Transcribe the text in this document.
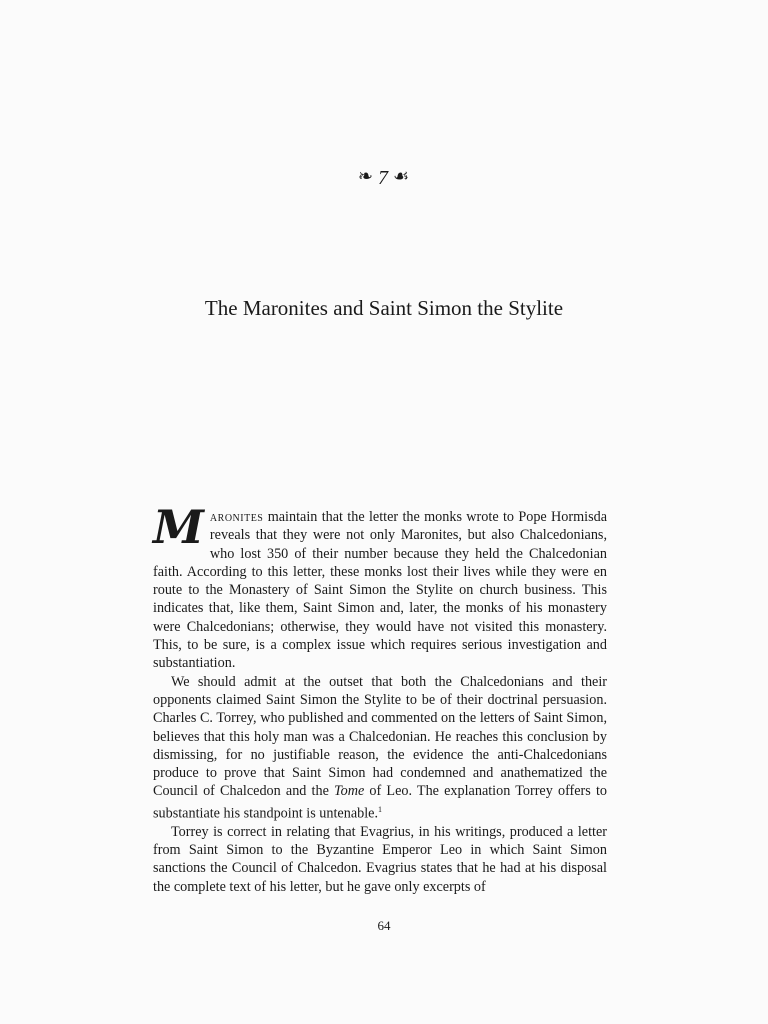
❧ 7 ☙
The Maronites and Saint Simon the Stylite

Maronites maintain that the letter the monks wrote to Pope Hormisda reveals that they were not only Maronites, but also Chalcedonians, who lost 350 of their number because they held the Chalcedonian faith. According to this letter, these monks lost their lives while they were en route to the Monastery of Saint Simon the Stylite on church business. This indicates that, like them, Saint Simon and, later, the monks of his monastery were Chalcedonians; otherwise, they would have not visited this monastery. This, to be sure, is a complex issue which requires serious investigation and substantiation.

We should admit at the outset that both the Chalcedonians and their opponents claimed Saint Simon the Stylite to be of their doctrinal persuasion. Charles C. Torrey, who published and commented on the letters of Saint Simon, believes that this holy man was a Chalcedonian. He reaches this conclusion by dismissing, for no justifiable reason, the evidence the anti-Chalcedonians produce to prove that Saint Simon had condemned and anathematized the Council of Chalcedon and the Tome of Leo. The explanation Torrey offers to substantiate his standpoint is untenable.$^1$

Torrey is correct in relating that Evagrius, in his writings, produced a letter from Saint Simon to the Byzantine Emperor Leo in which Saint Simon sanctions the Council of Chalcedon. Evagrius states that he had at his disposal the complete text of his letter, but he gave only excerpts of

64
